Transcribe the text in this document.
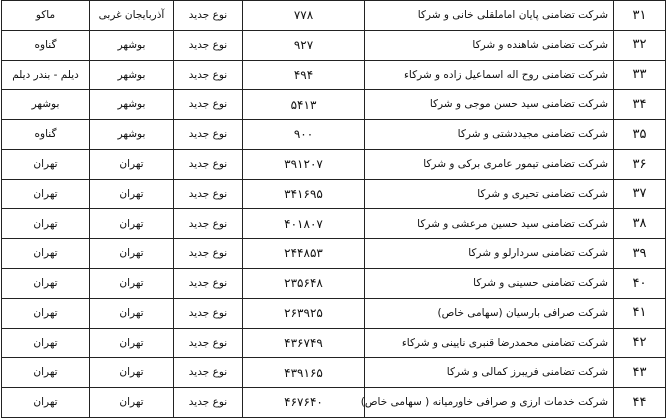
۳۱	شرکت تضامنی پایان اماملقلی خانی و شرکا	۷۷۸	نوع جدید	آذربایجان غربی	ماکو
۳۲	شرکت تضامنی شاهنده و شرکا	۹۲۷	نوع جدید	بوشهر	گناوه
۳۳	شرکت تضامنی روح اله اسماعیل زاده و شرکاء	۴۹۴	نوع جدید	بوشهر	دیلم - بندر دیلم
۳۴	شرکت تضامنی سید حسن موجی و شرکا	۵۴۱۳	نوع جدید	بوشهر	بوشهر
۳۵	شرکت تضامنی مجیددشتی و شرکا	۹۰۰	نوع جدید	بوشهر	گناوه
۳۶	شرکت تضامنی تیمور عامری برکی و شرکا	۳۹۱۲۰۷	نوع جدید	تهران	تهران
۳۷	شرکت تضامنی تحیری و شرکا	۳۴۱۶۹۵	نوع جدید	تهران	تهران
۳۸	شرکت تضامنی سید حسین مرعشی و شرکا	۴۰۱۸۰۷	نوع جدید	تهران	تهران
۳۹	شرکت تضامنی سردارلو و شرکا	۲۴۴۸۵۳	نوع جدید	تهران	تهران
۴۰	شرکت تضامنی حسینی و شرکا	۲۳۵۶۴۸	نوع جدید	تهران	تهران
۴۱	شرکت صرافی بارسیان (سهامی خاص)	۲۶۳۹۲۵	نوع جدید	تهران	تهران
۴۲	شرکت تضامنی محمدرضا قنبری نایینی و شرکاء	۴۳۶۷۴۹	نوع جدید	تهران	تهران
۴۳	شرکت تضامنی فریبرز کمالی و شرکا	۴۳۹۱۶۵	نوع جدید	تهران	تهران
۴۴	شرکت خدمات ارزی و صرافی خاورمیانه ( سهامی خاص)	۴۶۷۶۴۰	نوع جدید	تهران	تهران
